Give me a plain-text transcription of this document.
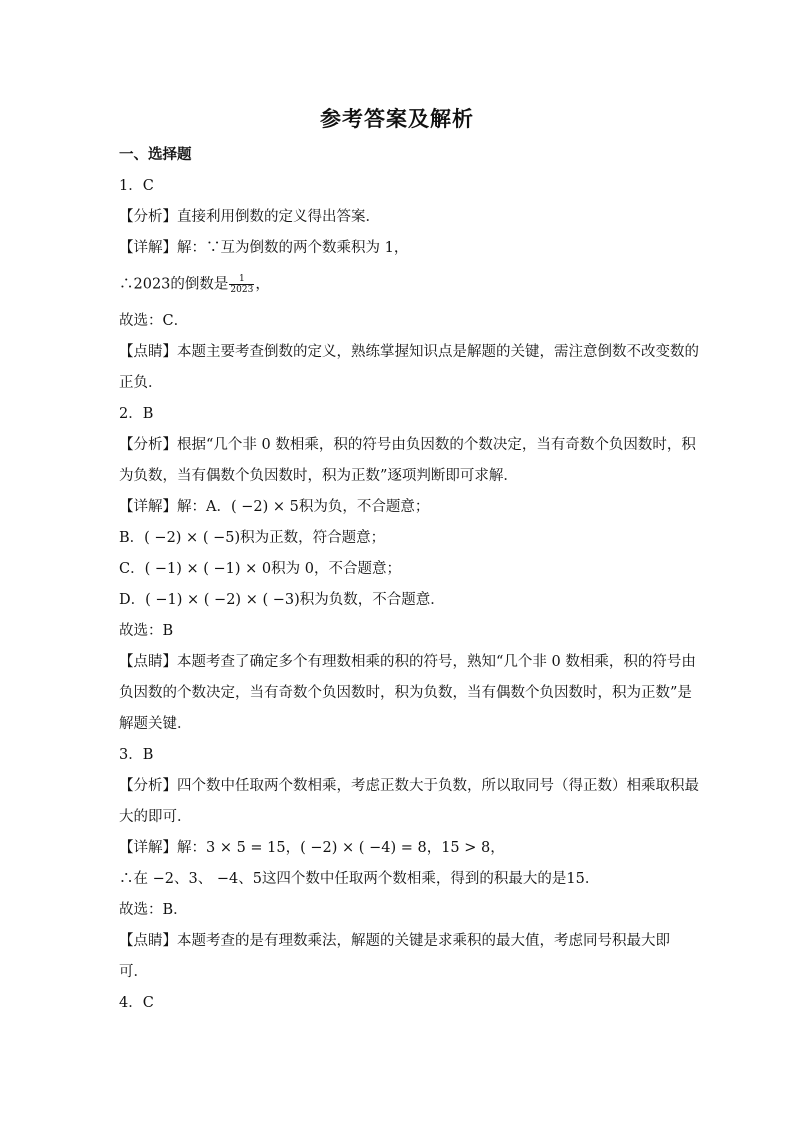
参考答案及解析
一、选择题
1．C
【分析】直接利用倒数的定义得出答案．
【详解】解：∵互为倒数的两个数乘积为 1，
∴2023的倒数是 $\frac{1}{2023}$ ，
故选：C．
【点睛】本题主要考查倒数的定义，熟练掌握知识点是解题的关键，需注意倒数不改变数的
正负．
2．B
【分析】根据“几个非 0 数相乘，积的符号由负因数的个数决定，当有奇数个负因数时，积
为负数，当有偶数个负因数时，积为正数”逐项判断即可求解．
【详解】解：A．( −2) × 5积为负，不合题意；
B．( −2) × ( −5)积为正数，符合题意；
C．( −1) × ( −1) × 0积为 0，不合题意；
D．( −1) × ( −2) × ( −3)积为负数，不合题意．
故选：B
【点睛】本题考查了确定多个有理数相乘的积的符号，熟知“几个非 0 数相乘，积的符号由
负因数的个数决定，当有奇数个负因数时，积为负数，当有偶数个负因数时，积为正数”是
解题关键．
3．B
【分析】四个数中任取两个数相乘，考虑正数大于负数，所以取同号（得正数）相乘取积最
大的即可．
【详解】解：3 × 5 = 15，( −2) × ( −4) = 8，15 > 8，
∴在 −2、3、 −4、5这四个数中任取两个数相乘，得到的积最大的是15．
故选：B．
【点睛】本题考查的是有理数乘法，解题的关键是求乘积的最大值，考虑同号积最大即
可．
4．C
